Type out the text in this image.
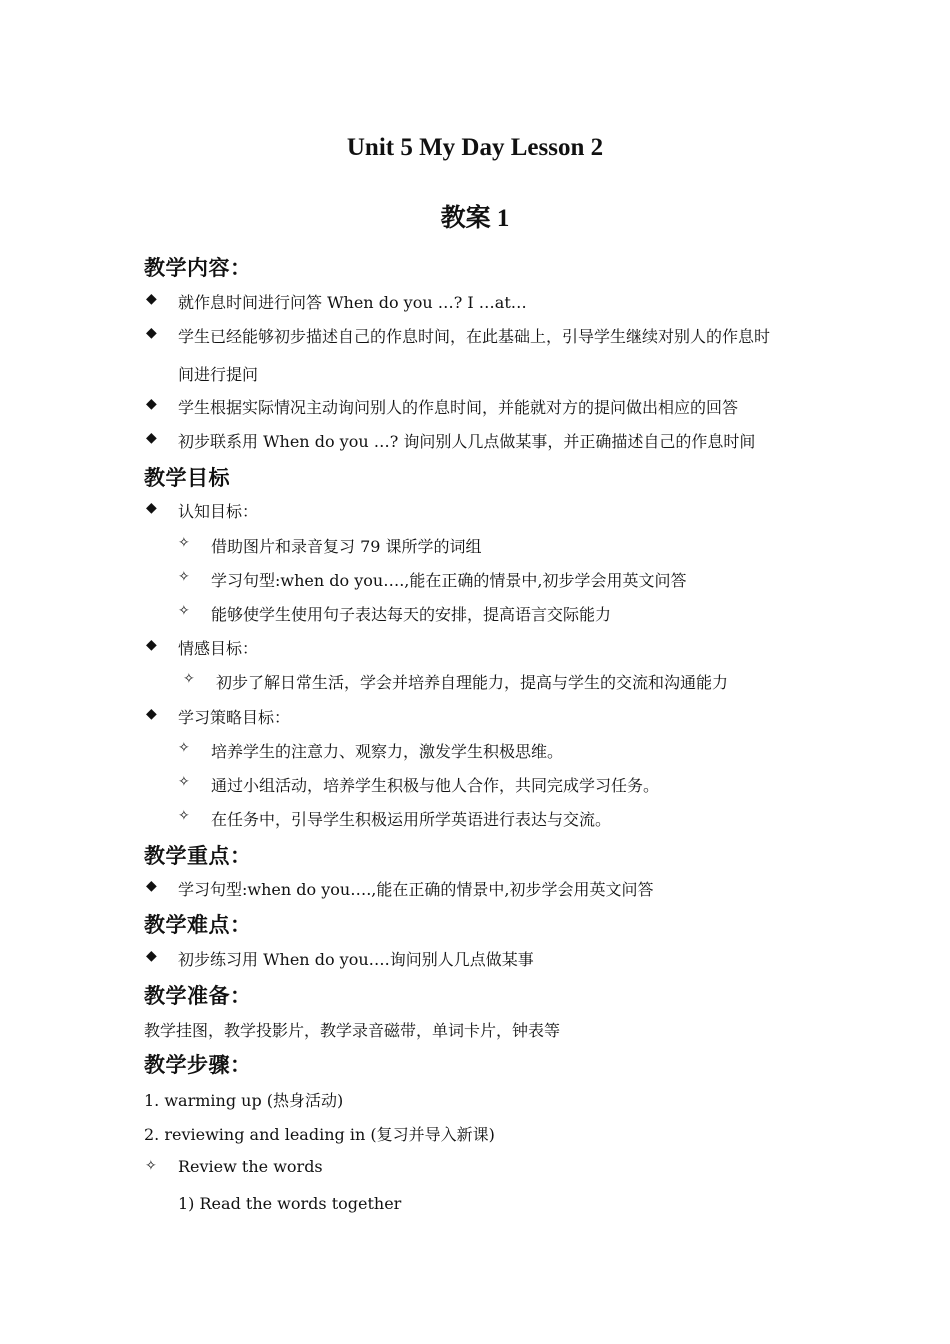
Unit 5 My Day Lesson 2
教案 1
教学内容：
◆ 就作息时间进行问答 When do you …? I …at…
◆ 学生已经能够初步描述自己的作息时间，在此基础上，引导学生继续对别人的作息时
间进行提问
◆ 学生根据实际情况主动询问别人的作息时间，并能就对方的提问做出相应的回答
◆ 初步联系用 When do you …? 询问别人几点做某事，并正确描述自己的作息时间
教学目标
◆ 认知目标：
✧ 借助图片和录音复习 79 课所学的词组
✧ 学习句型:when do you….,能在正确的情景中,初步学会用英文问答
✧ 能够使学生使用句子表达每天的安排，提高语言交际能力
◆ 情感目标：
✧ 初步了解日常生活，学会并培养自理能力，提高与学生的交流和沟通能力
◆ 学习策略目标：
✧ 培养学生的注意力、观察力，激发学生积极思维。
✧ 通过小组活动，培养学生积极与他人合作，共同完成学习任务。
✧ 在任务中，引导学生积极运用所学英语进行表达与交流。
教学重点：
◆ 学习句型:when do you….,能在正确的情景中,初步学会用英文问答
教学难点：
◆ 初步练习用 When do you….询问别人几点做某事
教学准备：
教学挂图，教学投影片，教学录音磁带，单词卡片，钟表等
教学步骤：
1. warming up (热身活动)
2. reviewing and leading in (复习并导入新课)
✧ Review the words
1) Read the words together
